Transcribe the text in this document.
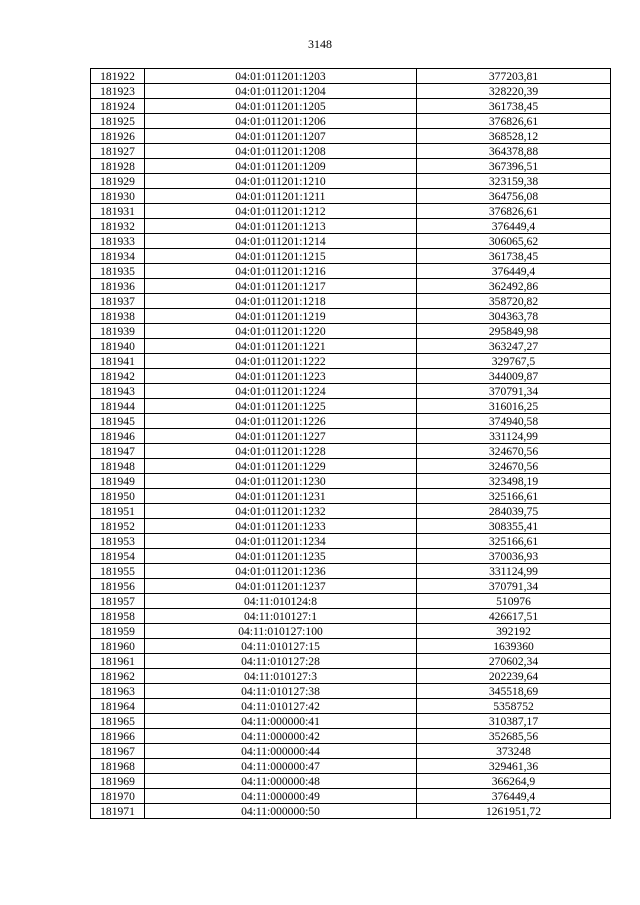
3148
181922	04:01:011201:1203	377203,81
181923	04:01:011201:1204	328220,39
181924	04:01:011201:1205	361738,45
181925	04:01:011201:1206	376826,61
181926	04:01:011201:1207	368528,12
181927	04:01:011201:1208	364378,88
181928	04:01:011201:1209	367396,51
181929	04:01:011201:1210	323159,38
181930	04:01:011201:1211	364756,08
181931	04:01:011201:1212	376826,61
181932	04:01:011201:1213	376449,4
181933	04:01:011201:1214	306065,62
181934	04:01:011201:1215	361738,45
181935	04:01:011201:1216	376449,4
181936	04:01:011201:1217	362492,86
181937	04:01:011201:1218	358720,82
181938	04:01:011201:1219	304363,78
181939	04:01:011201:1220	295849,98
181940	04:01:011201:1221	363247,27
181941	04:01:011201:1222	329767,5
181942	04:01:011201:1223	344009,87
181943	04:01:011201:1224	370791,34
181944	04:01:011201:1225	316016,25
181945	04:01:011201:1226	374940,58
181946	04:01:011201:1227	331124,99
181947	04:01:011201:1228	324670,56
181948	04:01:011201:1229	324670,56
181949	04:01:011201:1230	323498,19
181950	04:01:011201:1231	325166,61
181951	04:01:011201:1232	284039,75
181952	04:01:011201:1233	308355,41
181953	04:01:011201:1234	325166,61
181954	04:01:011201:1235	370036,93
181955	04:01:011201:1236	331124,99
181956	04:01:011201:1237	370791,34
181957	04:11:010124:8	510976
181958	04:11:010127:1	426617,51
181959	04:11:010127:100	392192
181960	04:11:010127:15	1639360
181961	04:11:010127:28	270602,34
181962	04:11:010127:3	202239,64
181963	04:11:010127:38	345518,69
181964	04:11:010127:42	5358752
181965	04:11:000000:41	310387,17
181966	04:11:000000:42	352685,56
181967	04:11:000000:44	373248
181968	04:11:000000:47	329461,36
181969	04:11:000000:48	366264,9
181970	04:11:000000:49	376449,4
181971	04:11:000000:50	1261951,72
